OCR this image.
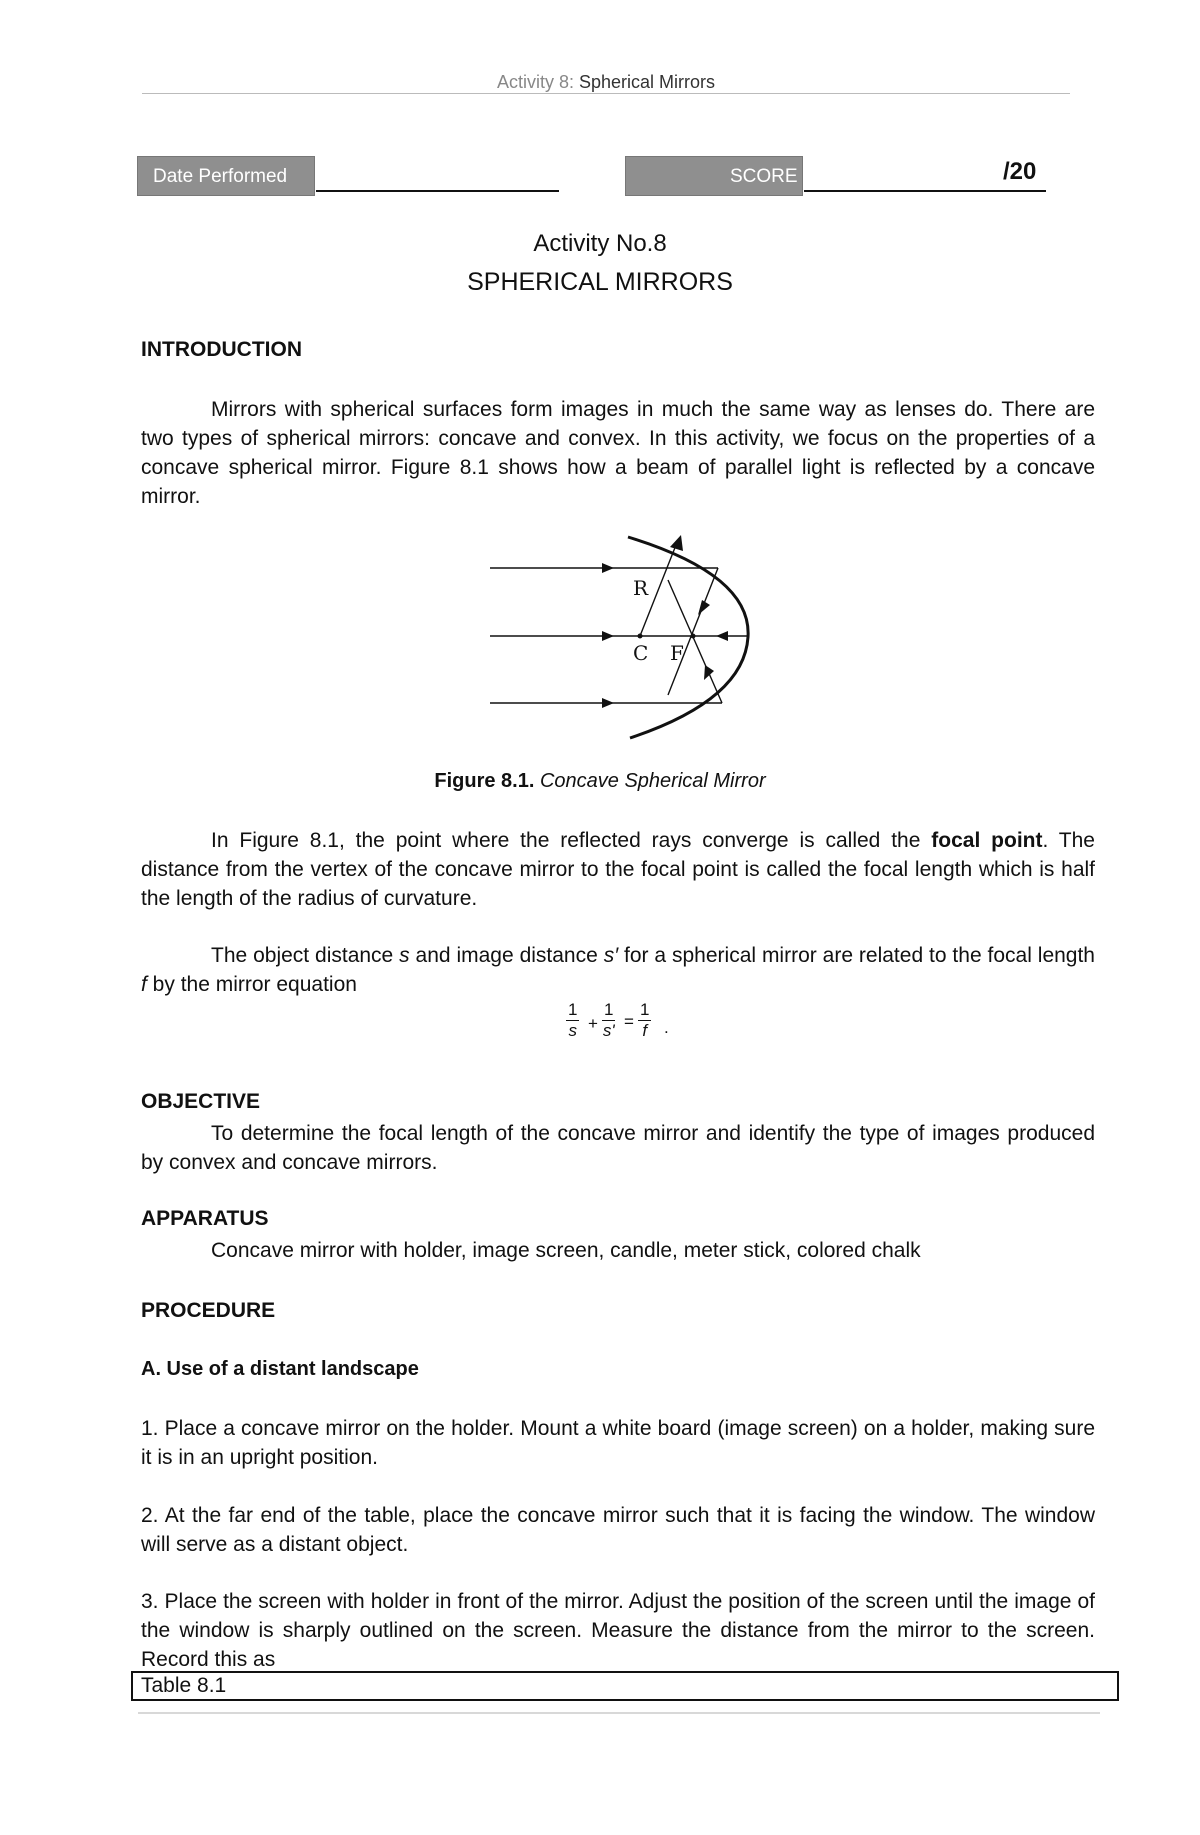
Activity 8: Spherical Mirrors
Date Performed	SCORE	/20
Activity No.8
SPHERICAL MIRRORS
INTRODUCTION

Mirrors with spherical surfaces form images in much the same way as lenses do. There are two types of spherical mirrors: concave and convex. In this activity, we focus on the properties of a concave spherical mirror. Figure 8.1 shows how a beam of parallel light is reflected by a concave mirror.

R
C F
Figure 8.1. Concave Spherical Mirror

In Figure 8.1, the point where the reflected rays converge is called the focal point. The distance from the vertex of the concave mirror to the focal point is called the focal length which is half the length of the radius of curvature.

The object distance s and image distance s′ for a spherical mirror are related to the focal length f by the mirror equation

$\frac{1}{s} + \frac{1}{s'} = \frac{1}{f}$ .
OBJECTIVE

To determine the focal length of the concave mirror and identify the type of images produced by convex and concave mirrors.

APPARATUS

Concave mirror with holder, image screen, candle, meter stick, colored chalk

PROCEDURE
A. Use of a distant landscape

1. Place a concave mirror on the holder. Mount a white board (image screen) on a holder, making sure it is in an upright position.

2. At the far end of the table, place the concave mirror such that it is facing the window. The window will serve as a distant object.

3. Place the screen with holder in front of the mirror. Adjust the position of the screen until the image of the window is sharply outlined on the screen. Measure the distance from the mirror to the screen. Record this as

Table 8.1
